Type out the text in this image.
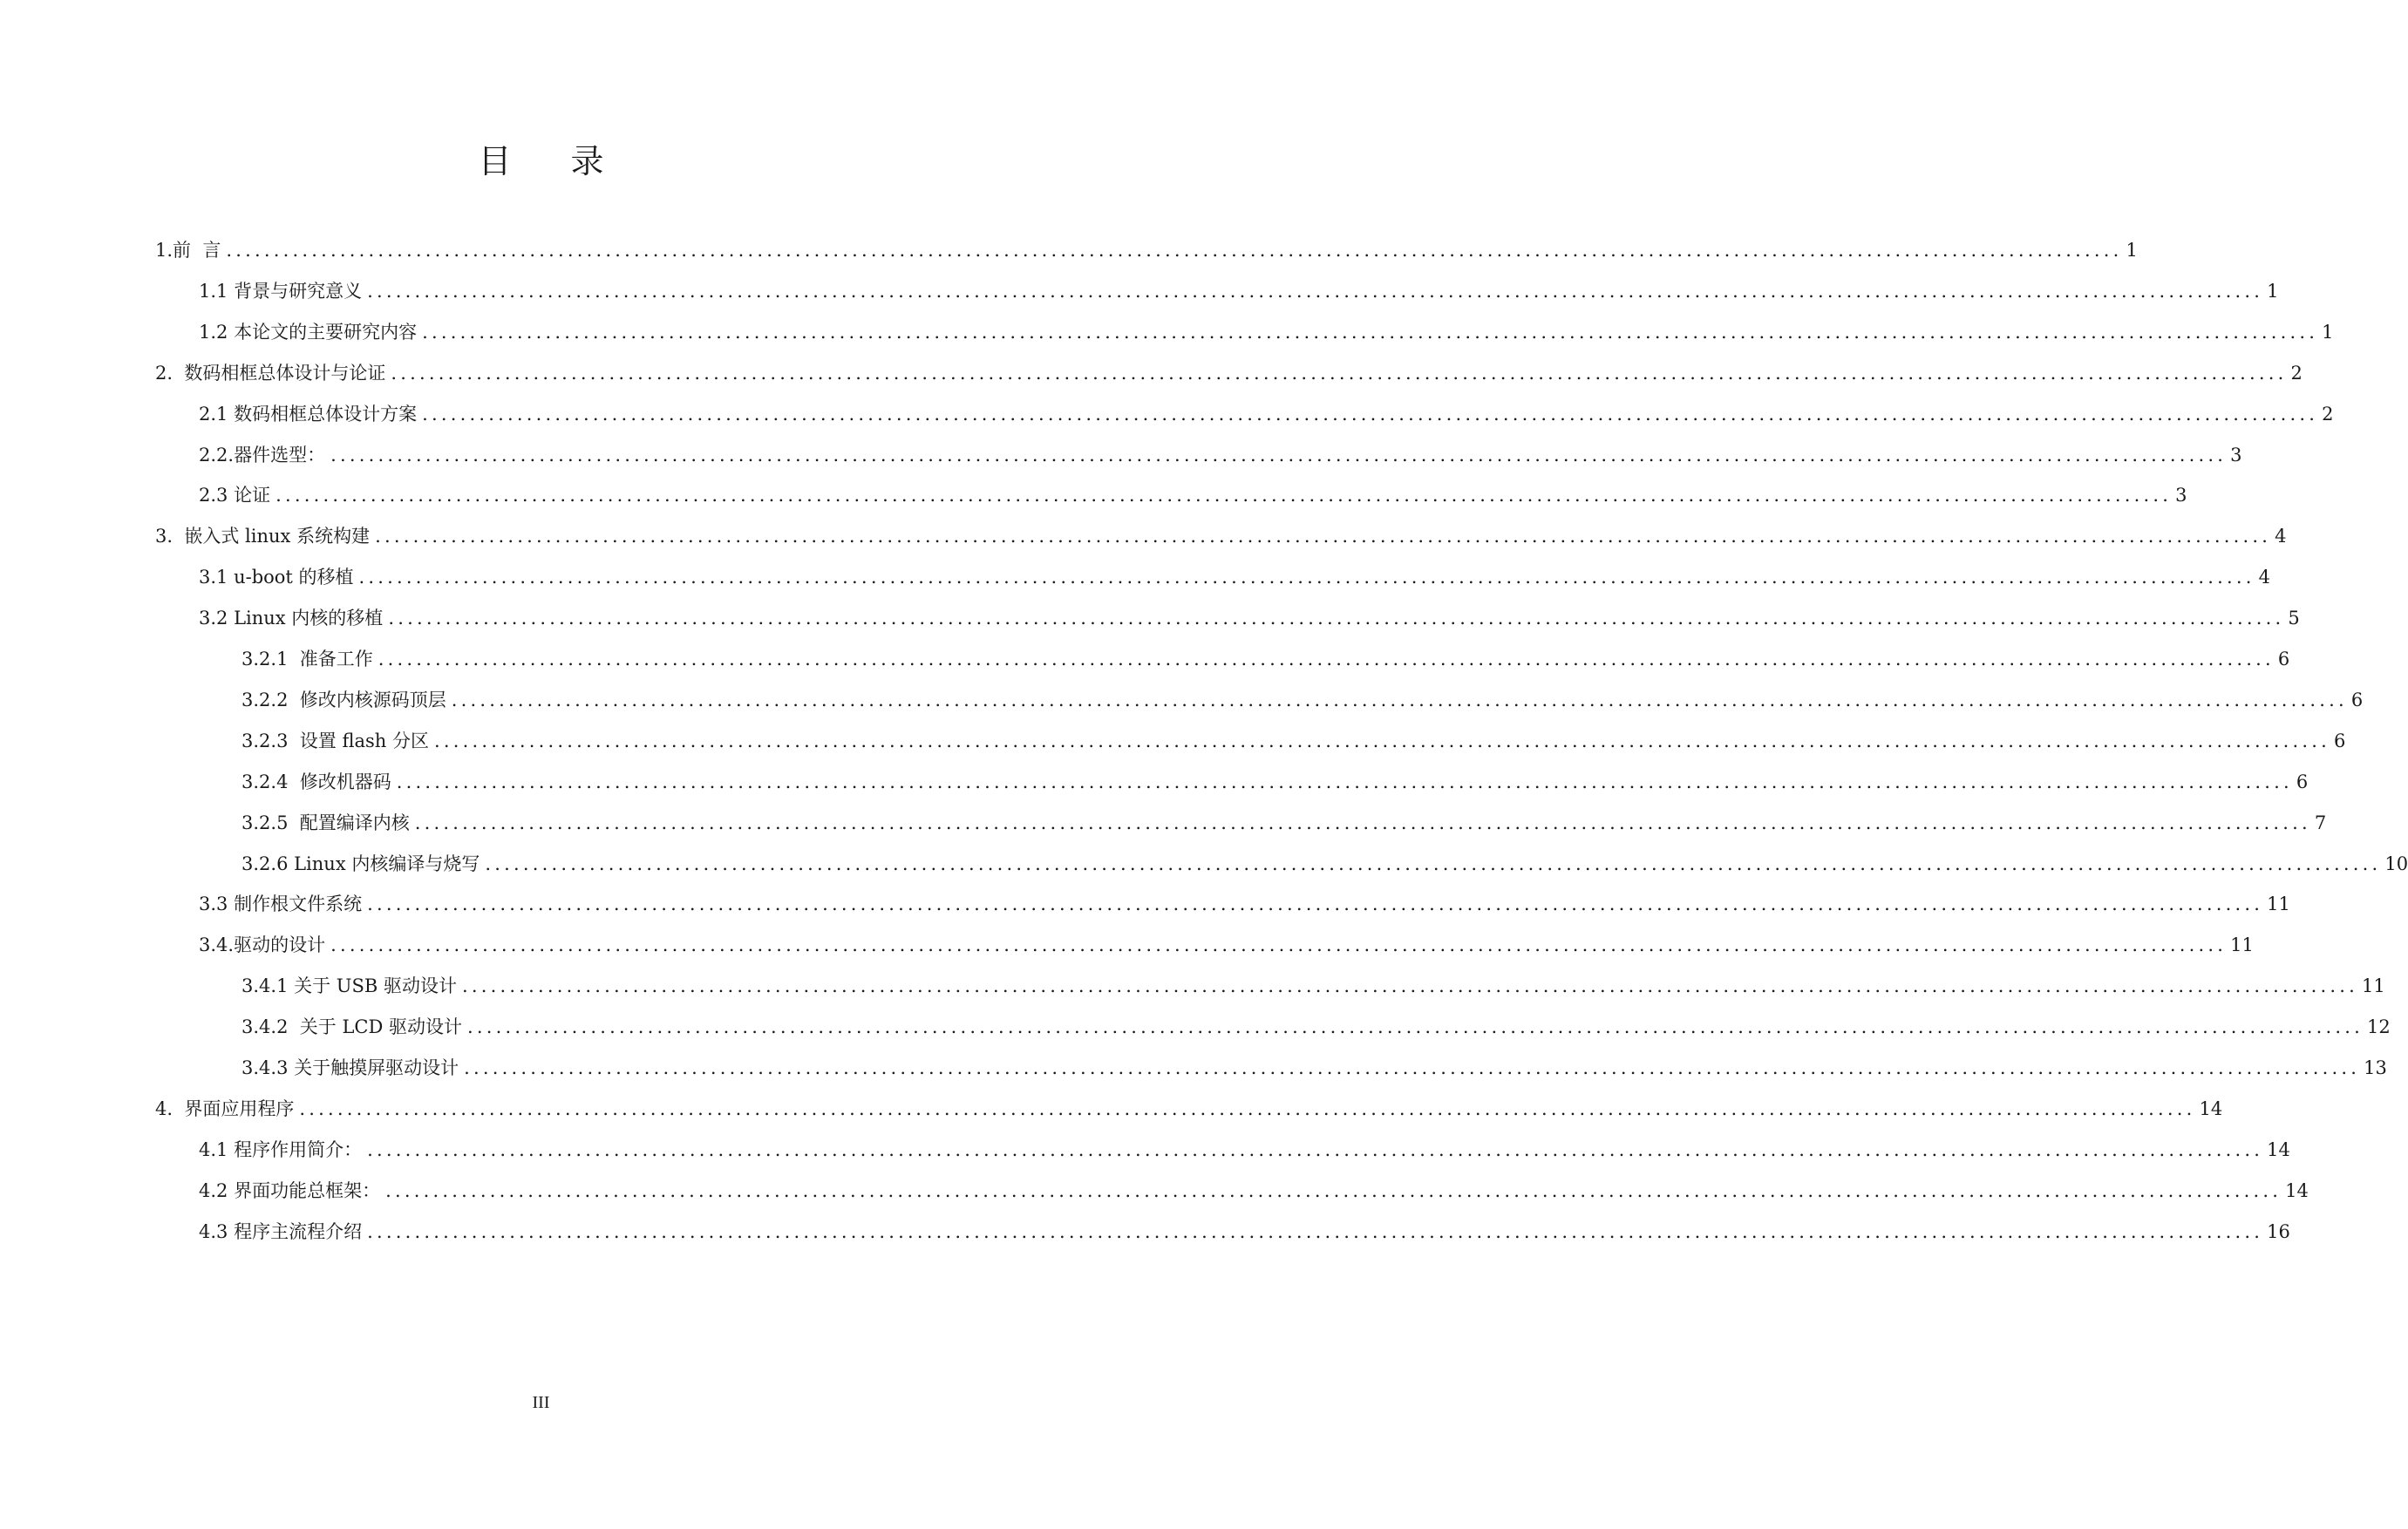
目 录
1.前  言 ........................................................................................................................................................................................................ 1
1.1 背景与研究意义 ........................................................................................................................................................................................................ 1
1.2 本论文的主要研究内容 ........................................................................................................................................................................................................ 1
2.  数码相框总体设计与论证 ........................................................................................................................................................................................................ 2
2.1 数码相框总体设计方案 ........................................................................................................................................................................................................ 2
2.2.器件选型： ........................................................................................................................................................................................................ 3
2.3 论证 ........................................................................................................................................................................................................ 3
3.  嵌入式 linux 系统构建 ........................................................................................................................................................................................................ 4
3.1 u-boot 的移植 ........................................................................................................................................................................................................ 4
3.2 Linux 内核的移植 ........................................................................................................................................................................................................ 5
3.2.1  准备工作 ........................................................................................................................................................................................................ 6
3.2.2  修改内核源码顶层 ........................................................................................................................................................................................................ 6
3.2.3  设置 flash 分区 ........................................................................................................................................................................................................ 6
3.2.4  修改机器码 ........................................................................................................................................................................................................ 6
3.2.5  配置编译内核 ........................................................................................................................................................................................................ 7
3.2.6 Linux 内核编译与烧写 ........................................................................................................................................................................................................ 10
3.3 制作根文件系统 ........................................................................................................................................................................................................ 11
3.4.驱动的设计 ........................................................................................................................................................................................................ 11
3.4.1 关于 USB 驱动设计 ........................................................................................................................................................................................................ 11
3.4.2  关于 LCD 驱动设计 ........................................................................................................................................................................................................ 12
3.4.3 关于触摸屏驱动设计 ........................................................................................................................................................................................................ 13
4.  界面应用程序 ........................................................................................................................................................................................................ 14
4.1 程序作用简介： ........................................................................................................................................................................................................ 14
4.2 界面功能总框架： ........................................................................................................................................................................................................ 14
4.3 程序主流程介绍 ........................................................................................................................................................................................................ 16
III
